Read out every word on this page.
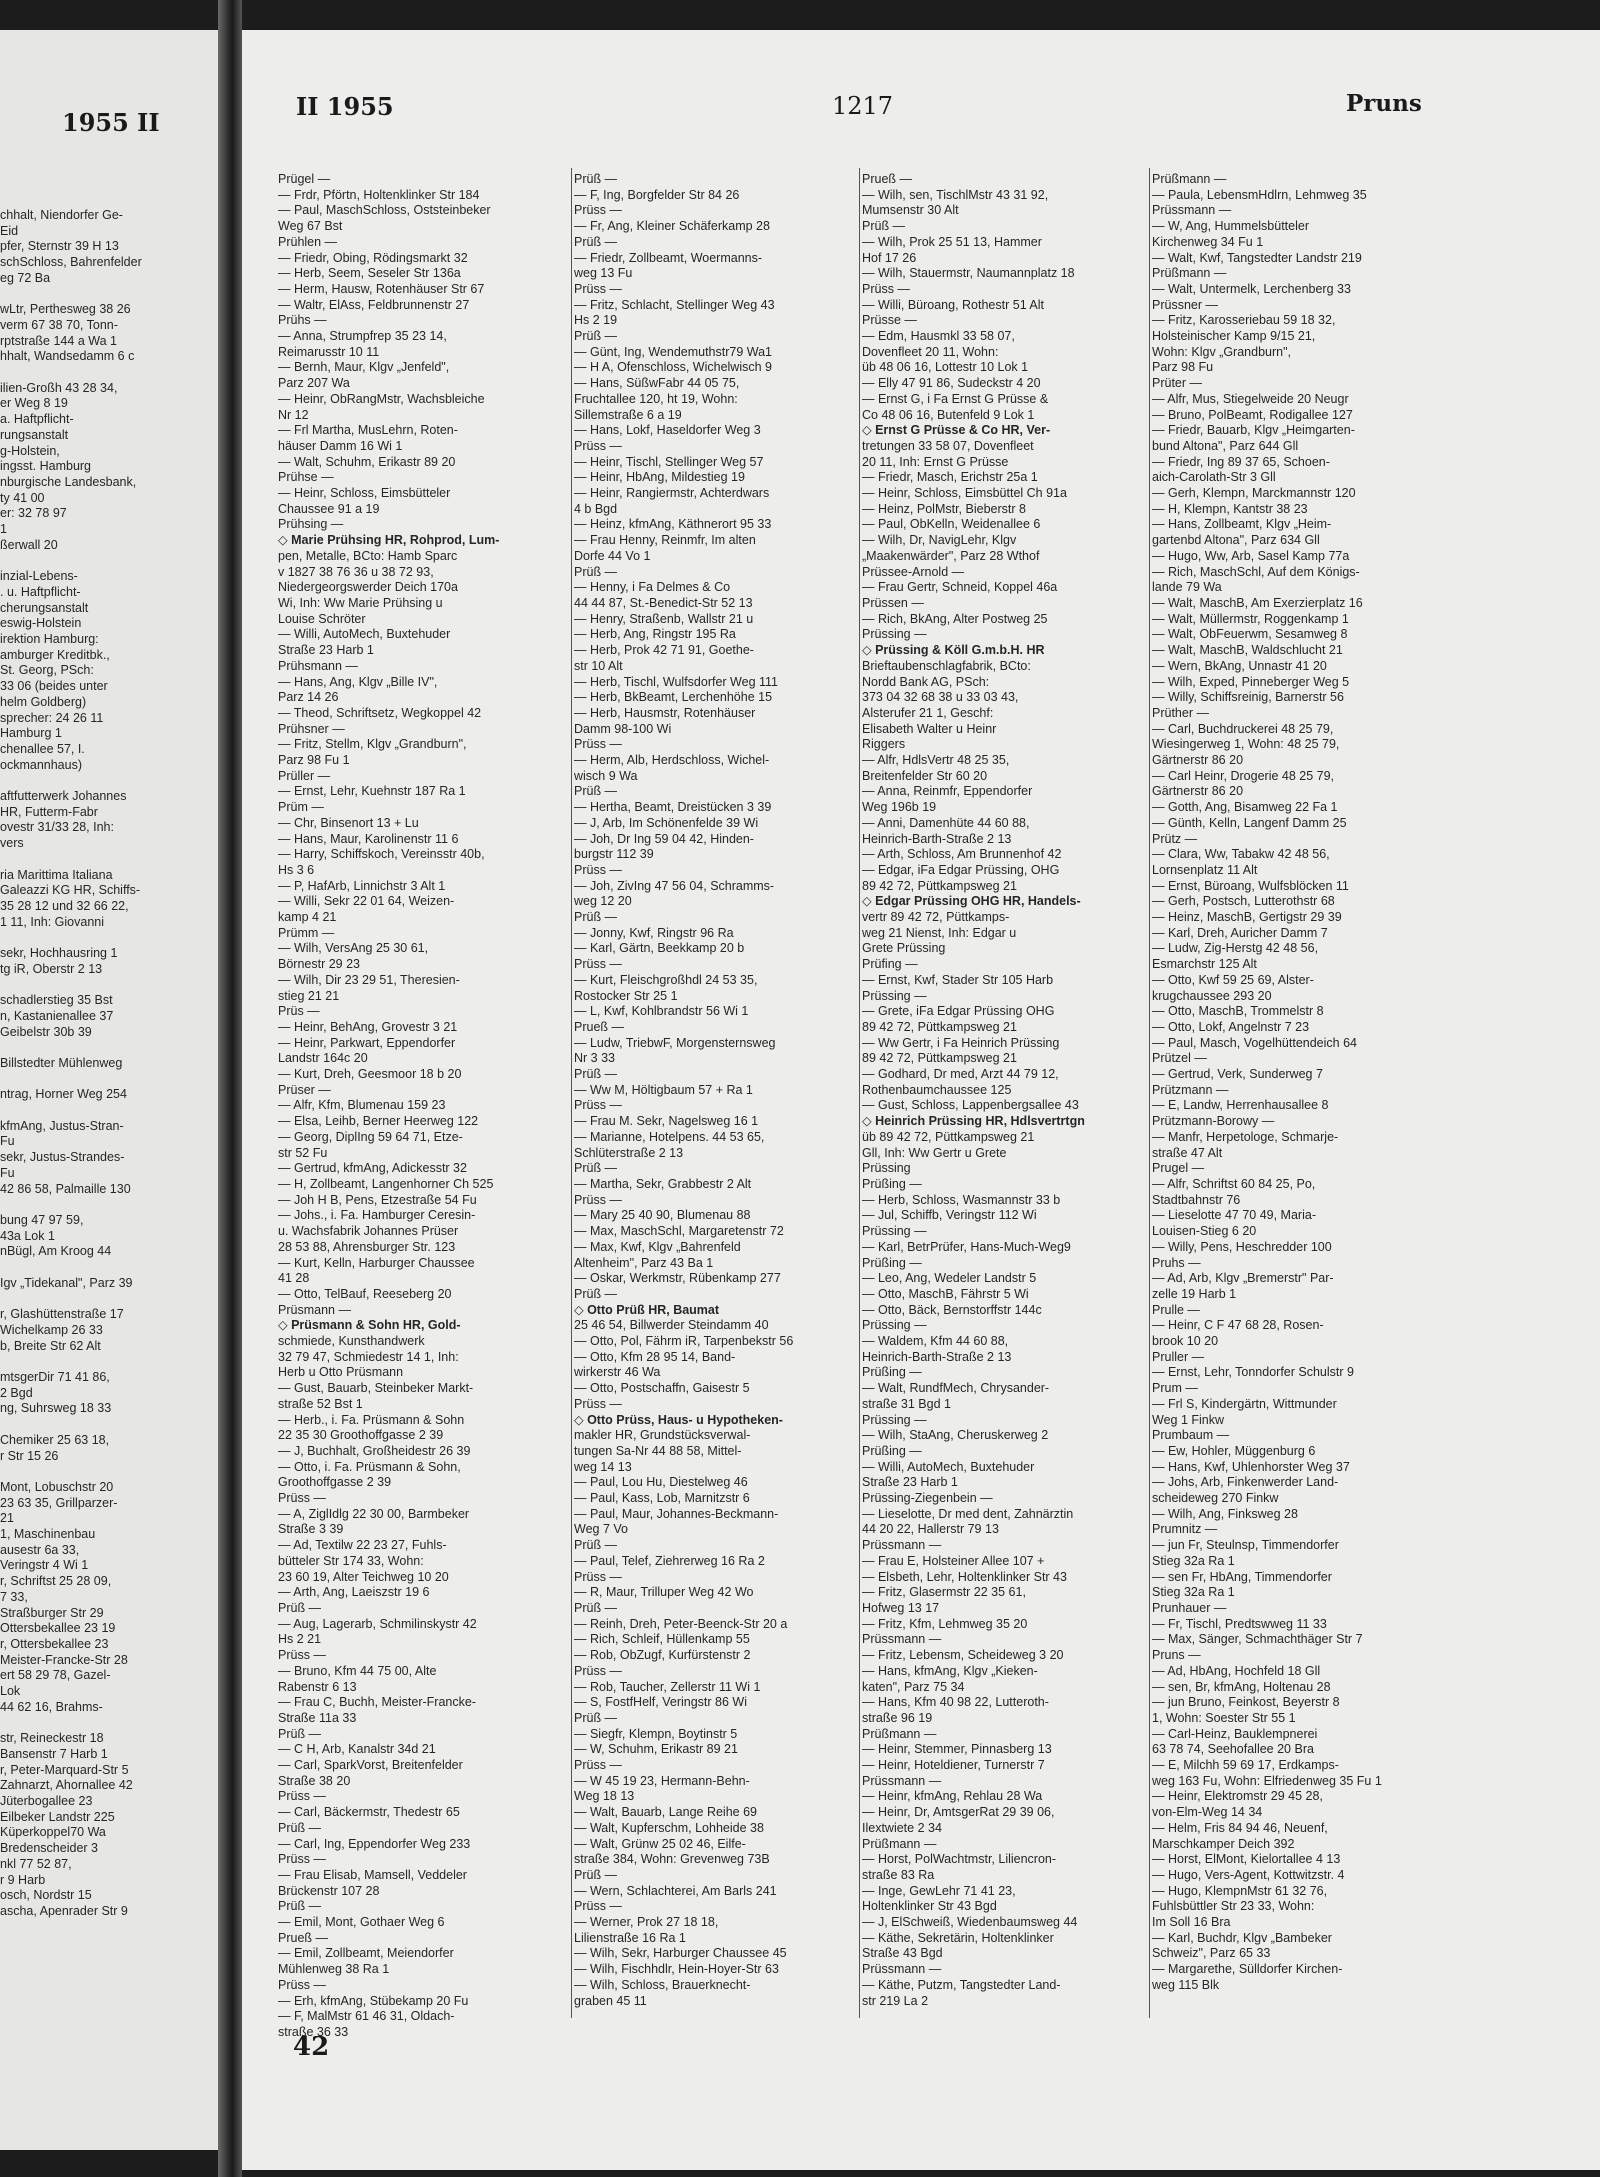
1955 II
chhalt, Niendorfer Ge-
Eid
pfer, Sternstr 39 H 13
schSchloss, Bahrenfelder
eg 72 Ba

wLtr, Perthesweg 38 26
verm 67 38 70, Tonn-
rptstraße 144 a Wa 1
hhalt, Wandsedamm 6 c

ilien-Großh 43 28 34,
er Weg 8 19
a. Haftpflicht-
rungsanstalt
g-Holstein,
ingsst. Hamburg
nburgische Landesbank,
ty 41 00
er: 32 78 97
1
ßerwall 20

inzial-Lebens-
. u. Haftpflicht-
cherungsanstalt
eswig-Holstein
irektion Hamburg:
amburger Kreditbk.,
St. Georg, PSch:
33 06 (beides unter
helm Goldberg)
sprecher: 24 26 11
Hamburg 1
chenallee 57, I.
ockmannhaus)

aftfutterwerk Johannes
HR, Futterm-Fabr
ovestr 31/33 28, Inh:
vers

ria Marittima Italiana
Galeazzi KG HR, Schiffs-
35 28 12 und 32 66 22,
1 11, Inh: Giovanni

sekr, Hochhausring 1
tg iR, Oberstr 2 13

schadlerstieg 35 Bst
n, Kastanienallee 37
Geibelstr 30b 39

Billstedter Mühlenweg

ntrag, Horner Weg 254

kfmAng, Justus-Stran-
Fu
sekr, Justus-Strandes-
Fu
42 86 58, Palmaille 130

bung 47 97 59,
43a Lok 1
nBügl, Am Kroog 44

Igv „Tidekanal", Parz 39

r, Glashüttenstraße 17
Wichelkamp 26 33
b, Breite Str 62 Alt

mtsgerDir 71 41 86,
2 Bgd
ng, Suhrsweg 18 33

Chemiker 25 63 18,
r Str 15 26

Mont, Lobuschstr 20
23 63 35, Grillparzer-
21
1, Maschinenbau
ausestr 6a 33,
Veringstr 4 Wi 1
r, Schriftst 25 28 09,
7 33,
Straßburger Str 29
Ottersbekallee 23 19
r, Ottersbekallee 23
Meister-Francke-Str 28
ert 58 29 78, Gazel-
Lok
44 62 16, Brahms-

str, Reineckestr 18
Bansenstr 7 Harb 1
r, Peter-Marquard-Str 5
Zahnarzt, Ahornallee 42
Jüterbogallee 23
Eilbeker Landstr 225
Küperkoppel70 Wa
Bredenscheider 3
nkl 77 52 87,
r 9 Harb
osch, Nordstr 15
ascha, Apenrader Str 9
II 1955	1217	Pruns
Prügel —
— Frdr, Pförtn, Holtenklinker Str 184
— Paul, MaschSchloss, Oststeinbeker
Weg 67 Bst
Prühlen —
— Friedr, Obing, Rödingsmarkt 32
— Herb, Seem, Seseler Str 136a
— Herm, Hausw, Rotenhäuser Str 67
— Waltr, ElAss, Feldbrunnenstr 27
Prühs —
— Anna, Strumpfrep 35 23 14,
Reimarusstr 10 11
— Bernh, Maur, Klgv „Jenfeld",
Parz 207 Wa
— Heinr, ObRangMstr, Wachsbleiche
Nr 12
— Frl Martha, MusLehrn, Roten-
häuser Damm 16 Wi 1
— Walt, Schuhm, Erikastr 89 20
Prühse —
— Heinr, Schloss, Eimsbütteler
Chaussee 91 a 19
Prühsing —
◇ Marie Prühsing HR, Rohprod, Lum-
pen, Metalle, BCto: Hamb Sparc
v 1827 38 76 36 u 38 72 93,
Niedergeorgswerder Deich 170a
Wi, Inh: Ww Marie Prühsing u
Louise Schröter
— Willi, AutoMech, Buxtehuder
Straße 23 Harb 1
Prühsmann —
— Hans, Ang, Klgv „Bille IV",
Parz 14 26
— Theod, Schriftsetz, Wegkoppel 42
Prühsner —
— Fritz, Stellm, Klgv „Grandburn",
Parz 98 Fu 1
Prüller —
— Ernst, Lehr, Kuehnstr 187 Ra 1
Prüm —
— Chr, Binsenort 13 + Lu
— Hans, Maur, Karolinenstr 11 6
— Harry, Schiffskoch, Vereinsstr 40b,
Hs 3 6
— P, HafArb, Linnichstr 3 Alt 1
— Willi, Sekr 22 01 64, Weizen-
kamp 4 21
Prümm —
— Wilh, VersAng 25 30 61,
Börnestr 29 23
— Wilh, Dir 23 29 51, Theresien-
stieg 21 21
Prüs —
— Heinr, BehAng, Grovestr 3 21
— Heinr, Parkwart, Eppendorfer
Landstr 164c 20
— Kurt, Dreh, Geesmoor 18 b 20
Prüser —
— Alfr, Kfm, Blumenau 159 23
— Elsa, Leihb, Berner Heerweg 122
— Georg, DiplIng 59 64 71, Etze-
str 52 Fu
— Gertrud, kfmAng, Adickesstr 32
— H, Zollbeamt, Langenhorner Ch 525
— Joh H B, Pens, Etzestraße 54 Fu
— Johs., i. Fa. Hamburger Ceresin-
u. Wachsfabrik Johannes Prüser
28 53 88, Ahrensburger Str. 123
— Kurt, Kelln, Harburger Chaussee
41 28
— Otto, TelBauf, Reeseberg 20
Prüsmann —
◇ Prüsmann & Sohn HR, Gold-
schmiede, Kunsthandwerk
32 79 47, Schmiedestr 14 1, Inh:
Herb u Otto Prüsmann
— Gust, Bauarb, Steinbeker Markt-
straße 52 Bst 1
— Herb., i. Fa. Prüsmann & Sohn
22 35 30 Groothoffgasse 2 39
— J, Buchhalt, Großheidestr 26 39
— Otto, i. Fa. Prüsmann & Sohn,
Groothoffgasse 2 39
Prüss —
— A, ZiglIdlg 22 30 00, Barmbeker
Straße 3 39
— Ad, Textilw 22 23 27, Fuhls-
bütteler Str 174 33, Wohn:
23 60 19, Alter Teichweg 10 20
— Arth, Ang, Laeiszstr 19 6
Prüß —
— Aug, Lagerarb, Schmilinskystr 42
Hs 2 21
Prüss —
— Bruno, Kfm 44 75 00, Alte
Rabenstr 6 13
— Frau C, Buchh, Meister-Francke-
Straße 11a 33
Prüß —
— C H, Arb, Kanalstr 34d 21
— Carl, SparkVorst, Breitenfelder
Straße 38 20
Prüss —
— Carl, Bäckermstr, Thedestr 65
Prüß —
— Carl, Ing, Eppendorfer Weg 233
Prüss —
— Frau Elisab, Mamsell, Veddeler
Brückenstr 107 28
Prüß —
— Emil, Mont, Gothaer Weg 6
Prueß —
— Emil, Zollbeamt, Meiendorfer
Mühlenweg 38 Ra 1
Prüss —
— Erh, kfmAng, Stübekamp 20 Fu
— F, MalMstr 61 46 31, Oldach-
straße 36 33
Prüß —
— F, Ing, Borgfelder Str 84 26
Prüss —
— Fr, Ang, Kleiner Schäferkamp 28
Prüß —
— Friedr, Zollbeamt, Woermanns-
weg 13 Fu
Prüss —
— Fritz, Schlacht, Stellinger Weg 43
Hs 2 19
Prüß —
— Günt, Ing, Wendemuthstr79 Wa1
— H A, Ofenschloss, Wichelwisch 9
— Hans, SüßwFabr 44 05 75,
Fruchtallee 120, ht 19, Wohn:
Sillemstraße 6 a 19
— Hans, Lokf, Haseldorfer Weg 3
Prüss —
— Heinr, Tischl, Stellinger Weg 57
— Heinr, HbAng, Mildestieg 19
— Heinr, Rangiermstr, Achterdwars
4 b Bgd
— Heinz, kfmAng, Käthnerort 95 33
— Frau Henny, Reinmfr, Im alten
Dorfe 44 Vo 1
Prüß —
— Henny, i Fa Delmes & Co
44 44 87, St.-Benedict-Str 52 13
— Henry, Straßenb, Wallstr 21 u
— Herb, Ang, Ringstr 195 Ra
— Herb, Prok 42 71 91, Goethe-
str 10 Alt
— Herb, Tischl, Wulfsdorfer Weg 111
— Herb, BkBeamt, Lerchenhöhe 15
— Herb, Hausmstr, Rotenhäuser
Damm 98-100 Wi
Prüss —
— Herm, Alb, Herdschloss, Wichel-
wisch 9 Wa
Prüß —
— Hertha, Beamt, Dreistücken 3 39
— J, Arb, Im Schönenfelde 39 Wi
— Joh, Dr Ing 59 04 42, Hinden-
burgstr 112 39
Prüss —
— Joh, ZivIng 47 56 04, Schramms-
weg 12 20
Prüß —
— Jonny, Kwf, Ringstr 96 Ra
— Karl, Gärtn, Beekkamp 20 b
Prüss —
— Kurt, Fleischgroßhdl 24 53 35,
Rostocker Str 25 1
— L, Kwf, Kohlbrandstr 56 Wi 1
Prueß —
— Ludw, TriebwF, Morgensternsweg
Nr 3 33
Prüß —
— Ww M, Höltigbaum 57 + Ra 1
Prüss —
— Frau M. Sekr, Nagelsweg 16 1
— Marianne, Hotelpens. 44 53 65,
Schlüterstraße 2 13
Prüß —
— Martha, Sekr, Grabbestr 2 Alt
Prüss —
— Mary 25 40 90, Blumenau 88
— Max, MaschSchl, Margaretenstr 72
— Max, Kwf, Klgv „Bahrenfeld
Altenheim", Parz 43 Ba 1
— Oskar, Werkmstr, Rübenkamp 277
Prüß —
◇ Otto Prüß HR, Baumat
25 46 54, Billwerder Steindamm 40
— Otto, Pol, Fährm iR, Tarpenbekstr 56
— Otto, Kfm 28 95 14, Band-
wirkerstr 46 Wa
— Otto, Postschaffn, Gaisestr 5
Prüss —
◇ Otto Prüss, Haus- u Hypotheken-
makler HR, Grundstücksverwal-
tungen Sa-Nr 44 88 58, Mittel-
weg 14 13
— Paul, Lou Hu, Diestelweg 46
— Paul, Kass, Lob, Marnitzstr 6
— Paul, Maur, Johannes-Beckmann-
Weg 7 Vo
Prüß —
— Paul, Telef, Ziehrerweg 16 Ra 2
Prüss —
— R, Maur, Trilluper Weg 42 Wo
Prüß —
— Reinh, Dreh, Peter-Beenck-Str 20 a
— Rich, Schleif, Hüllenkamp 55
— Rob, ObZugf, Kurfürstenstr 2
Prüss —
— Rob, Taucher, Zellerstr 11 Wi 1
— S, FostfHelf, Veringstr 86 Wi
Prüß —
— Siegfr, Klempn, Boytinstr 5
— W, Schuhm, Erikastr 89 21
Prüss —
— W 45 19 23, Hermann-Behn-
Weg 18 13
— Walt, Bauarb, Lange Reihe 69
— Walt, Kupferschm, Lohheide 38
— Walt, Grünw 25 02 46, Eilfe-
straße 384, Wohn: Grevenweg 73B
Prüß —
— Wern, Schlachterei, Am Barls 241
Prüss —
— Werner, Prok 27 18 18,
Lilienstraße 16 Ra 1
— Wilh, Sekr, Harburger Chaussee 45
— Wilh, Fischhdlr, Hein-Hoyer-Str 63
— Wilh, Schloss, Brauerknecht-
graben 45 11
Prueß —
— Wilh, sen, TischlMstr 43 31 92,
Mumsenstr 30 Alt
Prüß —
— Wilh, Prok 25 51 13, Hammer
Hof 17 26
— Wilh, Stauermstr, Naumannplatz 18
Prüss —
— Willi, Büroang, Rothestr 51 Alt
Prüsse —
— Edm, Hausmkl 33 58 07,
Dovenfleet 20 11, Wohn:
üb 48 06 16, Lottestr 10 Lok 1
— Elly 47 91 86, Sudeckstr 4 20
— Ernst G, i Fa Ernst G Prüsse &
Co 48 06 16, Butenfeld 9 Lok 1
◇ Ernst G Prüsse & Co HR, Ver-
tretungen 33 58 07, Dovenfleet
20 11, Inh: Ernst G Prüsse
— Friedr, Masch, Erichstr 25a 1
— Heinr, Schloss, Eimsbüttel Ch 91a
— Heinz, PolMstr, Bieberstr 8
— Paul, ObKelln, Weidenallee 6
— Wilh, Dr, NavigLehr, Klgv
„Maakenwärder", Parz 28 Wthof
Prüssee-Arnold —
— Frau Gertr, Schneid, Koppel 46a
Prüssen —
— Rich, BkAng, Alter Postweg 25
Prüssing —
◇ Prüssing & Köll G.m.b.H. HR
Brieftaubenschlagfabrik, BCto:
Nordd Bank AG, PSch:
373 04 32 68 38 u 33 03 43,
Alsterufer 21 1, Geschf:
Elisabeth Walter u Heinr
Riggers
— Alfr, HdlsVertr 48 25 35,
Breitenfelder Str 60 20
— Anna, Reinmfr, Eppendorfer
Weg 196b 19
— Anni, Damenhüte 44 60 88,
Heinrich-Barth-Straße 2 13
— Arth, Schloss, Am Brunnenhof 42
— Edgar, iFa Edgar Prüssing, OHG
89 42 72, Püttkampsweg 21
◇ Edgar Prüssing OHG HR, Handels-
vertr 89 42 72, Püttkamps-
weg 21 Nienst, Inh: Edgar u
Grete Prüssing
Prüfing —
— Ernst, Kwf, Stader Str 105 Harb
Prüssing —
— Grete, iFa Edgar Prüssing OHG
89 42 72, Püttkampsweg 21
— Ww Gertr, i Fa Heinrich Prüssing
89 42 72, Püttkampsweg 21
— Godhard, Dr med, Arzt 44 79 12,
Rothenbaumchaussee 125
— Gust, Schloss, Lappenbergsallee 43
◇ Heinrich Prüssing HR, Hdlsvertrtgn
üb 89 42 72, Püttkampsweg 21
Gll, Inh: Ww Gertr u Grete
Prüssing
Prüßing —
— Herb, Schloss, Wasmannstr 33 b
— Jul, Schiffb, Veringstr 112 Wi
Prüssing —
— Karl, BetrPrüfer, Hans-Much-Weg9
Prüßing —
— Leo, Ang, Wedeler Landstr 5
— Otto, MaschB, Fährstr 5 Wi
— Otto, Bäck, Bernstorffstr 144c
Prüssing —
— Waldem, Kfm 44 60 88,
Heinrich-Barth-Straße 2 13
Prüßing —
— Walt, RundfMech, Chrysander-
straße 31 Bgd 1
Prüssing —
— Wilh, StaAng, Cheruskerweg 2
Prüßing —
— Willi, AutoMech, Buxtehuder
Straße 23 Harb 1
Prüssing-Ziegenbein —
— Lieselotte, Dr med dent, Zahnärztin
44 20 22, Hallerstr 79 13
Prüssmann —
— Frau E, Holsteiner Allee 107 +
— Elsbeth, Lehr, Holtenklinker Str 43
— Fritz, Glasermstr 22 35 61,
Hofweg 13 17
— Fritz, Kfm, Lehmweg 35 20
Prüssmann —
— Fritz, Lebensm, Scheideweg 3 20
— Hans, kfmAng, Klgv „Kieken-
katen", Parz 75 34
— Hans, Kfm 40 98 22, Lutteroth-
straße 96 19
Prüßmann —
— Heinr, Stemmer, Pinnasberg 13
— Heinr, Hoteldiener, Turnerstr 7
Prüssmann —
— Heinr, kfmAng, Rehlau 28 Wa
— Heinr, Dr, AmtsgerRat 29 39 06,
Ilextwiete 2 34
Prüßmann —
— Horst, PolWachtmstr, Liliencron-
straße 83 Ra
— Inge, GewLehr 71 41 23,
Holtenklinker Str 43 Bgd
— J, ElSchweiß, Wiedenbaumsweg 44
— Käthe, Sekretärin, Holtenklinker
Straße 43 Bgd
Prüssmann —
— Käthe, Putzm, Tangstedter Land-
str 219 La 2
Prüßmann —
— Paula, LebensmHdlrn, Lehmweg 35
Prüssmann —
— W, Ang, Hummelsbütteler
Kirchenweg 34 Fu 1
— Walt, Kwf, Tangstedter Landstr 219
Prüßmann —
— Walt, Untermelk, Lerchenberg 33
Prüssner —
— Fritz, Karosseriebau 59 18 32,
Holsteinischer Kamp 9/15 21,
Wohn: Klgv „Grandburn",
Parz 98 Fu
Prüter —
— Alfr, Mus, Stiegelweide 20 Neugr
— Bruno, PolBeamt, Rodigallee 127
— Friedr, Bauarb, Klgv „Heimgarten-
bund Altona", Parz 644 Gll
— Friedr, Ing 89 37 65, Schoen-
aich-Carolath-Str 3 Gll
— Gerh, Klempn, Marckmannstr 120
— H, Klempn, Kantstr 38 23
— Hans, Zollbeamt, Klgv „Heim-
gartenbd Altona", Parz 634 Gll
— Hugo, Ww, Arb, Sasel Kamp 77a
— Rich, MaschSchl, Auf dem Königs-
lande 79 Wa
— Walt, MaschB, Am Exerzierplatz 16
— Walt, Müllermstr, Roggenkamp 1
— Walt, ObFeuerwm, Sesamweg 8
— Walt, MaschB, Waldschlucht 21
— Wern, BkAng, Unnastr 41 20
— Wilh, Exped, Pinneberger Weg 5
— Willy, Schiffsreinig, Barnerstr 56
Prüther —
— Carl, Buchdruckerei 48 25 79,
Wiesingerweg 1, Wohn: 48 25 79,
Gärtnerstr 86 20
— Carl Heinr, Drogerie 48 25 79,
Gärtnerstr 86 20
— Gotth, Ang, Bisamweg 22 Fa 1
— Günth, Kelln, Langenf Damm 25
Prütz —
— Clara, Ww, Tabakw 42 48 56,
Lornsenplatz 11 Alt
— Ernst, Büroang, Wulfsblöcken 11
— Gerh, Postsch, Lutterothstr 68
— Heinz, MaschB, Gertigstr 29 39
— Karl, Dreh, Auricher Damm 7
— Ludw, Zig-Herstg 42 48 56,
Esmarchstr 125 Alt
— Otto, Kwf 59 25 69, Alster-
krugchaussee 293 20
— Otto, MaschB, Trommelstr 8
— Otto, Lokf, Angelnstr 7 23
— Paul, Masch, Vogelhüttendeich 64
Prützel —
— Gertrud, Verk, Sunderweg 7
Prützmann —
— E, Landw, Herrenhausallee 8
Prützmann-Borowy —
— Manfr, Herpetologe, Schmarje-
straße 47 Alt
Prugel —
— Alfr, Schriftst 60 84 25, Po,
Stadtbahnstr 76
— Lieselotte 47 70 49, Maria-
Louisen-Stieg 6 20
— Willy, Pens, Heschredder 100
Pruhs —
— Ad, Arb, Klgv „Bremerstr" Par-
zelle 19 Harb 1
Prulle —
— Heinr, C F 47 68 28, Rosen-
brook 10 20
Pruller —
— Ernst, Lehr, Tonndorfer Schulstr 9
Prum —
— Frl S, Kindergärtn, Wittmunder
Weg 1 Finkw
Prumbaum —
— Ew, Hohler, Müggenburg 6
— Hans, Kwf, Uhlenhorster Weg 37
— Johs, Arb, Finkenwerder Land-
scheideweg 270 Finkw
— Wilh, Ang, Finksweg 28
Prumnitz —
— jun Fr, Steulnsp, Timmendorfer
Stieg 32a Ra 1
— sen Fr, HbAng, Timmendorfer
Stieg 32a Ra 1
Prunhauer —
— Fr, Tischl, Predtswweg 11 33
— Max, Sänger, Schmachthäger Str 7
Pruns —
— Ad, HbAng, Hochfeld 18 Gll
— sen, Br, kfmAng, Holtenau 28
— jun Bruno, Feinkost, Beyerstr 8
1, Wohn: Soester Str 55 1
— Carl-Heinz, Bauklempnerei
63 78 74, Seehofallee 20 Bra
— E, Milchh 59 69 17, Erdkamps-
weg 163 Fu, Wohn: Elfriedenweg 35 Fu 1
— Heinr, Elektromstr 29 45 28,
von-Elm-Weg 14 34
— Helm, Fris 84 94 46, Neuenf,
Marschkamper Deich 392
— Horst, ElMont, Kielortallee 4 13
— Hugo, Vers-Agent, Kottwitzstr. 4
— Hugo, KlempnMstr 61 32 76,
Fuhlsbüttler Str 23 33, Wohn:
Im Soll 16 Bra
— Karl, Buchdr, Klgv „Bambeker
Schweiz", Parz 65 33
— Margarethe, Sülldorfer Kirchen-
weg 115 Blk
42
